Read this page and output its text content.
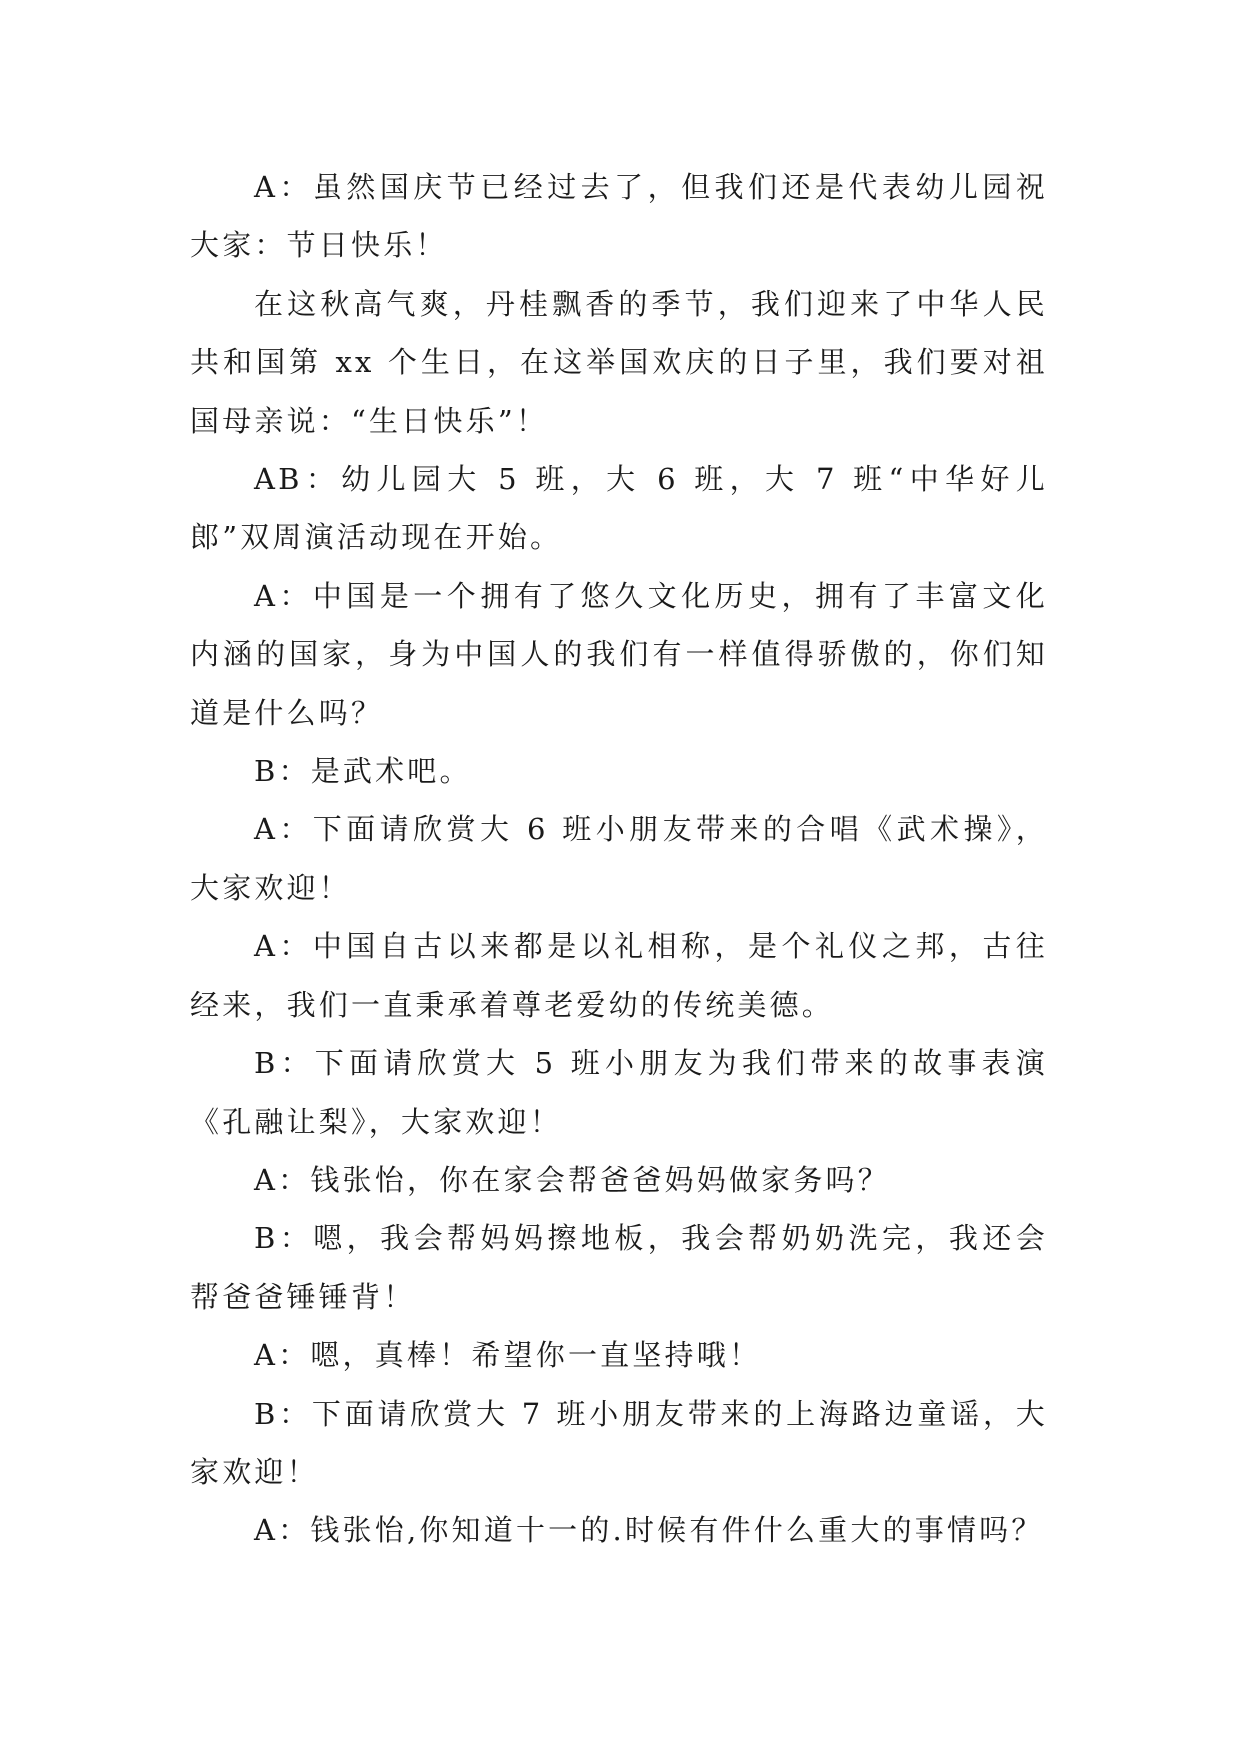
A：虽然国庆节已经过去了，但我们还是代表幼儿园祝大家：节日快乐！

在这秋高气爽，丹桂飘香的季节，我们迎来了中华人民共和国第 xx 个生日，在这举国欢庆的日子里，我们要对祖国母亲说：“生日快乐”！

AB：幼儿园大 5 班，大 6 班，大 7 班“中华好儿郎”双周演活动现在开始。

A：中国是一个拥有了悠久文化历史，拥有了丰富文化内涵的国家，身为中国人的我们有一样值得骄傲的，你们知道是什么吗？

B：是武术吧。

A：下面请欣赏大 6 班小朋友带来的合唱《武术操》，大家欢迎！

A：中国自古以来都是以礼相称，是个礼仪之邦，古往经来，我们一直秉承着尊老爱幼的传统美德。

B：下面请欣赏大 5 班小朋友为我们带来的故事表演《孔融让梨》，大家欢迎！

A：钱张怡，你在家会帮爸爸妈妈做家务吗？

B：嗯，我会帮妈妈擦地板，我会帮奶奶洗完，我还会帮爸爸锤锤背！

A：嗯，真棒！希望你一直坚持哦！

B：下面请欣赏大 7 班小朋友带来的上海路边童谣，大家欢迎！

A：钱张怡,你知道十一的.时候有件什么重大的事情吗？
